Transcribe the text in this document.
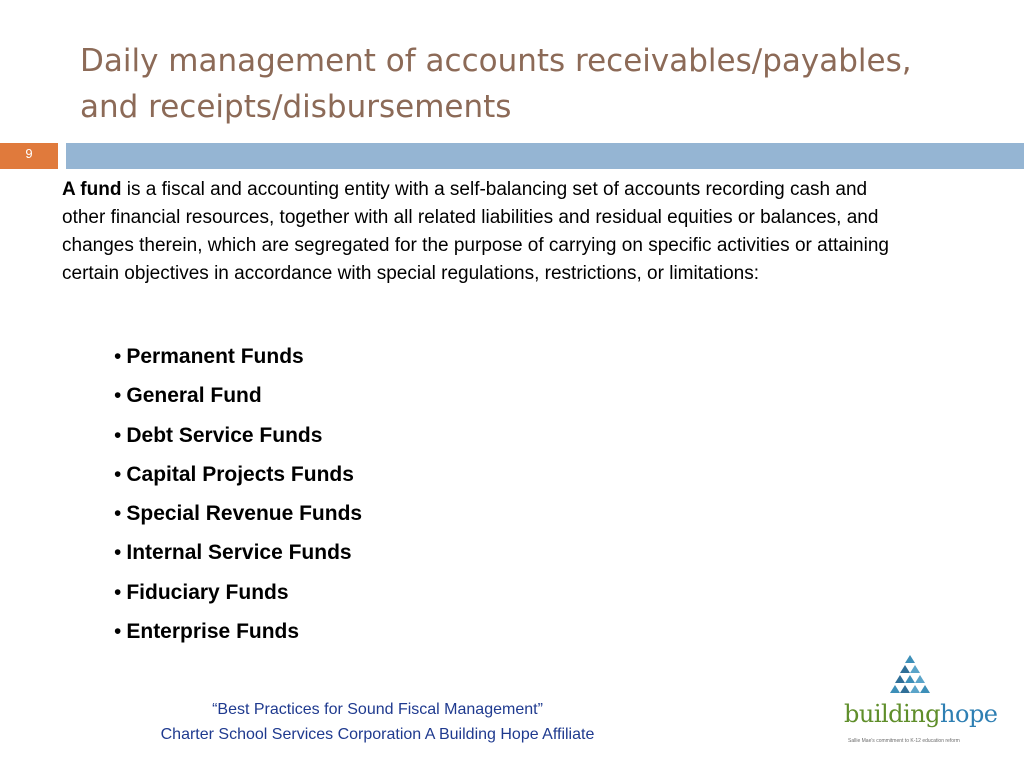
Daily management of accounts receivables/payables,
and receipts/disbursements
9

A fund is a fiscal and accounting entity with a self-balancing set of accounts recording cash and other financial resources, together with all related liabilities and residual equities or balances, and changes therein, which are segregated for the purpose of carrying on specific activities or attaining certain objectives in accordance with special regulations, restrictions, or limitations:

• Permanent Funds
• General Fund
• Debt Service Funds
• Capital Projects Funds
• Special Revenue Funds
• Internal Service Funds
• Fiduciary Funds
• Enterprise Funds
“Best Practices for Sound Fiscal Management”
Charter School Services Corporation A Building Hope Affiliate
buildinghope
Sallie Mae's commitment to K-12 education reform
